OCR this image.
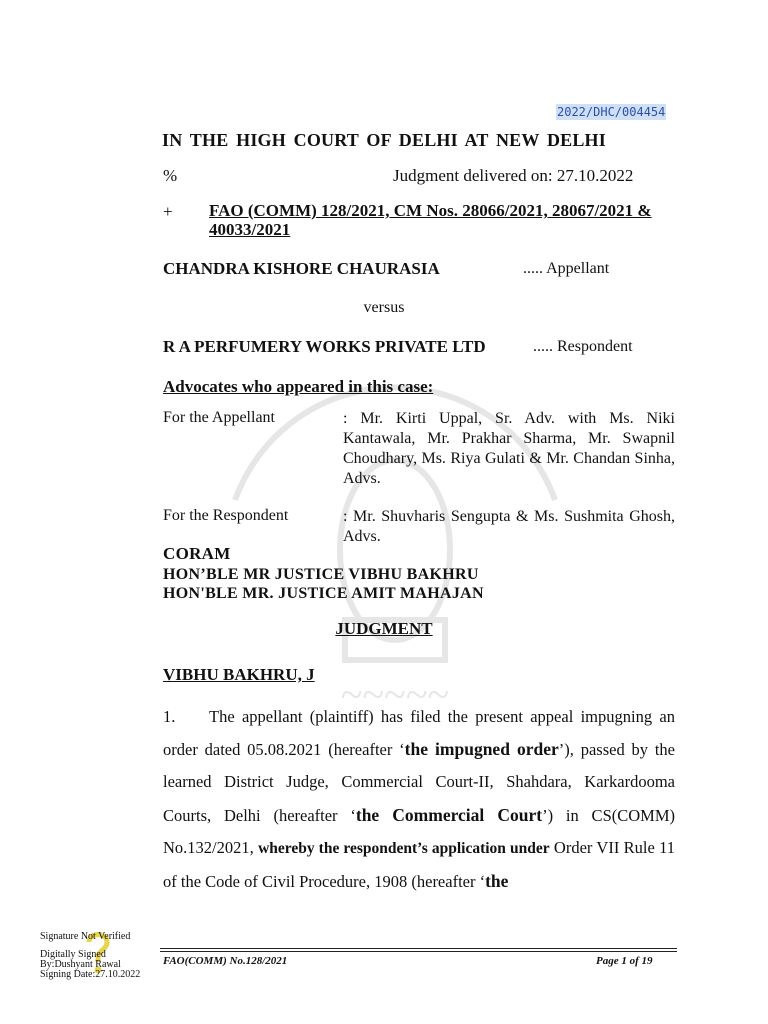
~~~~~
2022/DHC/004454
IN THE HIGH COURT OF DELHI AT NEW DELHI
%	Judgment delivered on: 27.10.2022
+ FAO (COMM) 128/2021, CM Nos. 28066/2021, 28067/2021 & 40033/2021
CHANDRA KISHORE CHAURASIA	..... Appellant
versus
R A PERFUMERY WORKS PRIVATE LTD	..... Respondent
Advocates who appeared in this case:
For the Appellant	: Mr. Kirti Uppal, Sr. Adv. with Ms. Niki Kantawala, Mr. Prakhar Sharma, Mr. Swapnil Choudhary, Ms. Riya Gulati & Mr. Chandan Sinha, Advs.
For the Respondent	: Mr. Shuvharis Sengupta & Ms. Sushmita Ghosh, Advs.
CORAM
HON’BLE MR JUSTICE VIBHU BAKHRU
HON'BLE MR. JUSTICE AMIT MAHAJAN
JUDGMENT
VIBHU BAKHRU, J
1. The appellant (plaintiff) has filed the present appeal impugning an order dated 05.08.2021 (hereafter ‘the impugned order’), passed by the learned District Judge, Commercial Court-II, Shahdara, Karkardooma Courts, Delhi (hereafter ‘the Commercial Court’) in CS(COMM) No.132/2021, whereby the respondent’s application under Order VII Rule 11 of the Code of Civil Procedure, 1908 (hereafter ‘the
Signature Not Verified
Digitally Signed
By:Dushyant Rawal
Signing Date:27.10.2022
FAO(COMM) No.128/2021	Page 1 of 19
